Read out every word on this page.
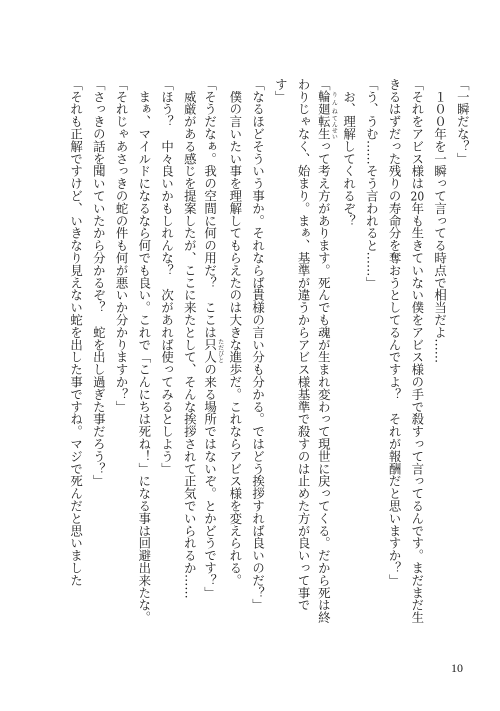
「一瞬だな？」
　１００年を一瞬って言ってる時点で相当だよ……
「それをアビス様は20年も生きていない僕をアビス様の手で殺すって言ってるんです。まだまだ生
きるはずだった残りの寿命分を奪おうとしてるんですよ？　それが報酬だと思いますか？」
「う、うむ……そう言われると……」
　お、理解してくれるぞ？
「輪廻 りんね転生 てんせいって考え方があります。死んでも魂が生まれ変わって現世に戻ってくる。だから死は終
わりじゃなく、始まり。まぁ、基準が違うからアビス様基準で殺すのは止めた方が良いって事で
す」
「なるほどそういう事か。それならば貴様の言い分も分かる。ではどう挨拶すれば良いのだ？」
　僕の言いたい事を理解してもらえたのは大きな進歩だ。これならアビス様を変えられる。
「そうだなぁ。我の空間に何の用だ？　ここは只人 ただびとの来る場所ではないぞ。とかどうです？」
　威厳がある感じを提案したが、ここに来たとして、そんな挨拶されて正気でいられるか……
「ほう？　中々良いかもしれんな？　次があれば使ってみるとしよう」
　まぁ、マイルドになるなら何でも良い。これで「こんにちは死ね！」になる事は回避出来たな。
「それじゃあさっきの蛇の件も何が悪いか分かりますか？」
「さっきの話を聞いていたから分かるぞ？　蛇を出し過ぎた事だろう？」
「それも正解ですけど、いきなり見えない蛇を出した事ですね。マジで死んだと思いました
10
